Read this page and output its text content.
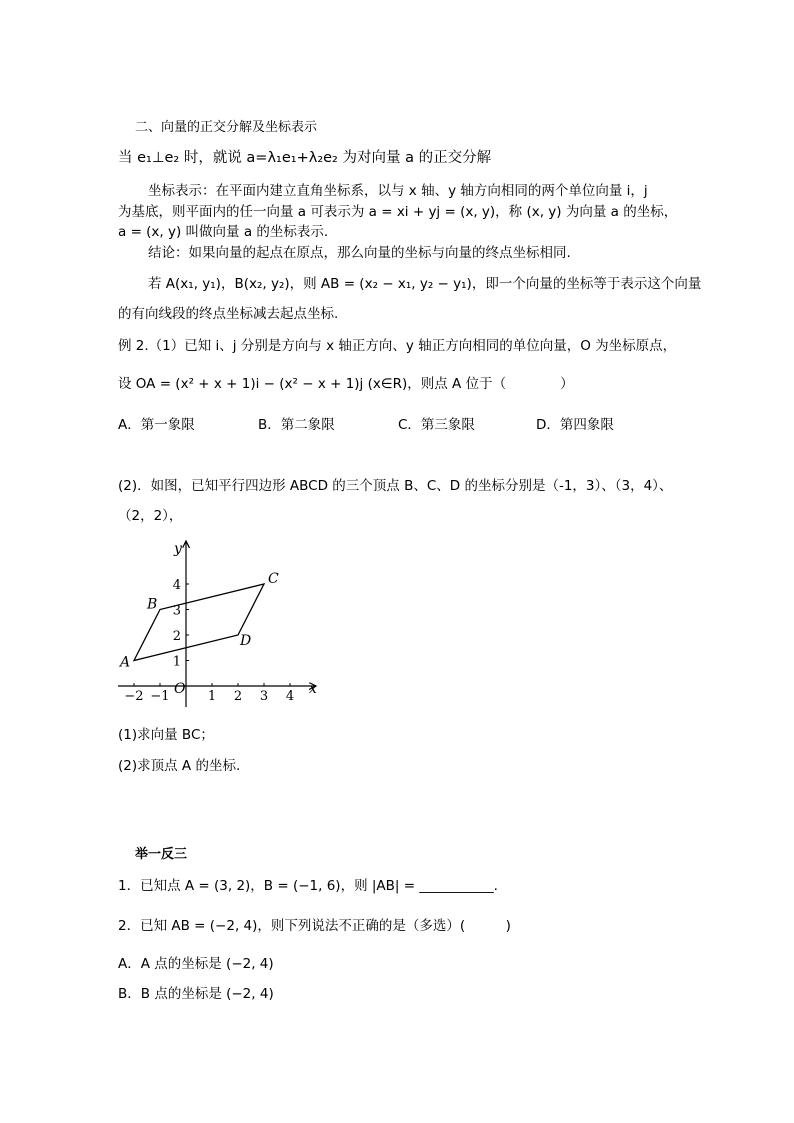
二、向量的正交分解及坐标表示
当 e₁⊥e₂ 时，就说 a=λ₁e₁+λ₂e₂ 为对向量 a 的正交分解
坐标表示：在平面内建立直角坐标系，以与 x 轴、y 轴方向相同的两个单位向量 i，j
为基底，则平面内的任一向量 a 可表示为 a = xi + yj = (x, y)，称 (x, y) 为向量 a 的坐标，
a = (x, y) 叫做向量 a 的坐标表示.
结论：如果向量的起点在原点，那么向量的坐标与向量的终点坐标相同.
若 A(x₁, y₁)，B(x₂, y₂)，则 AB = (x₂ − x₁, y₂ − y₁)，即一个向量的坐标等于表示这个向量
的有向线段的终点坐标减去起点坐标.
例 2.（1）已知 i、j 分别是方向与 x 轴正方向、y 轴正方向相同的单位向量，O 为坐标原点，
设 OA = (x² + x + 1)i − (x² − x + 1)j (x∈R)，则点 A 位于（　　　　）
A．第一象限	B．第二象限	C．第三象限	D．第四象限
(2)．如图，已知平行四边形 ABCD 的三个顶点 B、C、D 的坐标分别是（-1，3）、（3，4）、
（2，2），
x
y
O
−2 −1	1 2 3 4
1
2
3
4
A
B
C
D
(1)求向量 BC；
(2)求顶点 A 的坐标.
举一反三
1．已知点 A = (3, 2)，B = (−1, 6)，则 |AB| = ___________.
2．已知 AB = (−2, 4)，则下列说法不正确的是（多选）(　　　)
A．A 点的坐标是 (−2, 4)
B．B 点的坐标是 (−2, 4)
